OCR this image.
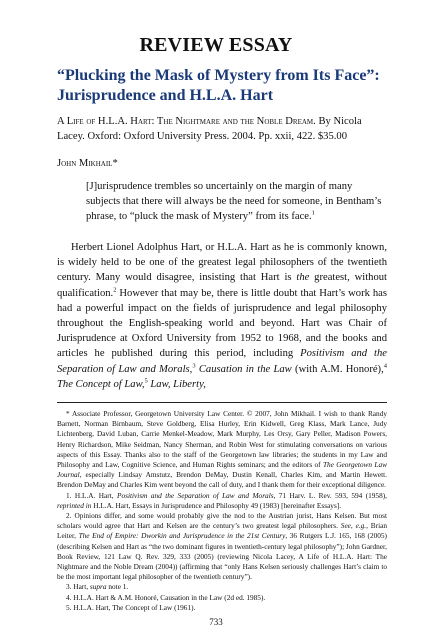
REVIEW ESSAY
“Plucking the Mask of Mystery from Its Face”:
Jurisprudence and H.L.A. Hart
A Life of H.L.A. Hart: The Nightmare and the Noble Dream. By Nicola Lacey. Oxford: Oxford University Press. 2004. Pp. xxii, 422. $35.00
John Mikhail*
[J]urisprudence trembles so uncertainly on the margin of many subjects that there will always be the need for someone, in Bentham’s phrase, to “pluck the mask of Mystery” from its face.$^1$

Herbert Lionel Adolphus Hart, or H.L.A. Hart as he is commonly known, is widely held to be one of the greatest legal philosophers of the twentieth century. Many would disagree, insisting that Hart is the greatest, without qualification.$^2$ However that may be, there is little doubt that Hart’s work has had a powerful impact on the fields of jurisprudence and legal philosophy throughout the English-speaking world and beyond. Hart was Chair of Jurisprudence at Oxford University from 1952 to 1968, and the books and articles he published during this period, including Positivism and the Separation of Law and Morals,$^3$ Causation in the Law (with A.M. Honoré),$^4$ The Concept of Law,$^5$ Law, Liberty,

* Associate Professor, Georgetown University Law Center. © 2007, John Mikhail. I wish to thank Randy Barnett, Norman Birnbaum, Steve Goldberg, Elisa Hurley, Erin Kidwell, Greg Klass, Mark Lance, Judy Lichtenberg, David Luban, Carrie Menkel-Meadow, Mark Murphy, Les Orsy, Gary Peller, Madison Powers, Henry Richardson, Mike Seidman, Nancy Sherman, and Robin West for stimulating conversations on various aspects of this Essay. Thanks also to the staff of the Georgetown law libraries; the students in my Law and Philosophy and Law, Cognitive Science, and Human Rights seminars; and the editors of The Georgetown Law Journal, especially Lindsay Amstutz, Brendon DeMay, Dustin Kenall, Charles Kim, and Martin Hewett. Brendon DeMay and Charles Kim went beyond the call of duty, and I thank them for their exceptional diligence.

1. H.L.A. Hart, Positivism and the Separation of Law and Morals, 71 Harv. L. Rev. 593, 594 (1958), reprinted in H.L.A. Hart, Essays in Jurisprudence and Philosophy 49 (1983) [hereinafter Essays].

2. Opinions differ, and some would probably give the nod to the Austrian jurist, Hans Kelsen. But most scholars would agree that Hart and Kelsen are the century’s two greatest legal philosophers. See, e.g., Brian Leiter, The End of Empire: Dworkin and Jurisprudence in the 21st Century, 36 Rutgers L.J. 165, 168 (2005) (describing Kelsen and Hart as “the two dominant figures in twentieth-century legal philosophy”); John Gardner, Book Review, 121 Law Q. Rev. 329, 333 (2005) (reviewing Nicola Lacey, A Life of H.L.A. Hart: The Nightmare and the Noble Dream (2004)) (affirming that “only Hans Kelsen seriously challenges Hart’s claim to be the most important legal philosopher of the twentieth century”).

3. Hart, supra note 1.

4. H.L.A. Hart & A.M. Honoré, Causation in the Law (2d ed. 1985).

5. H.L.A. Hart, The Concept of Law (1961).

733
